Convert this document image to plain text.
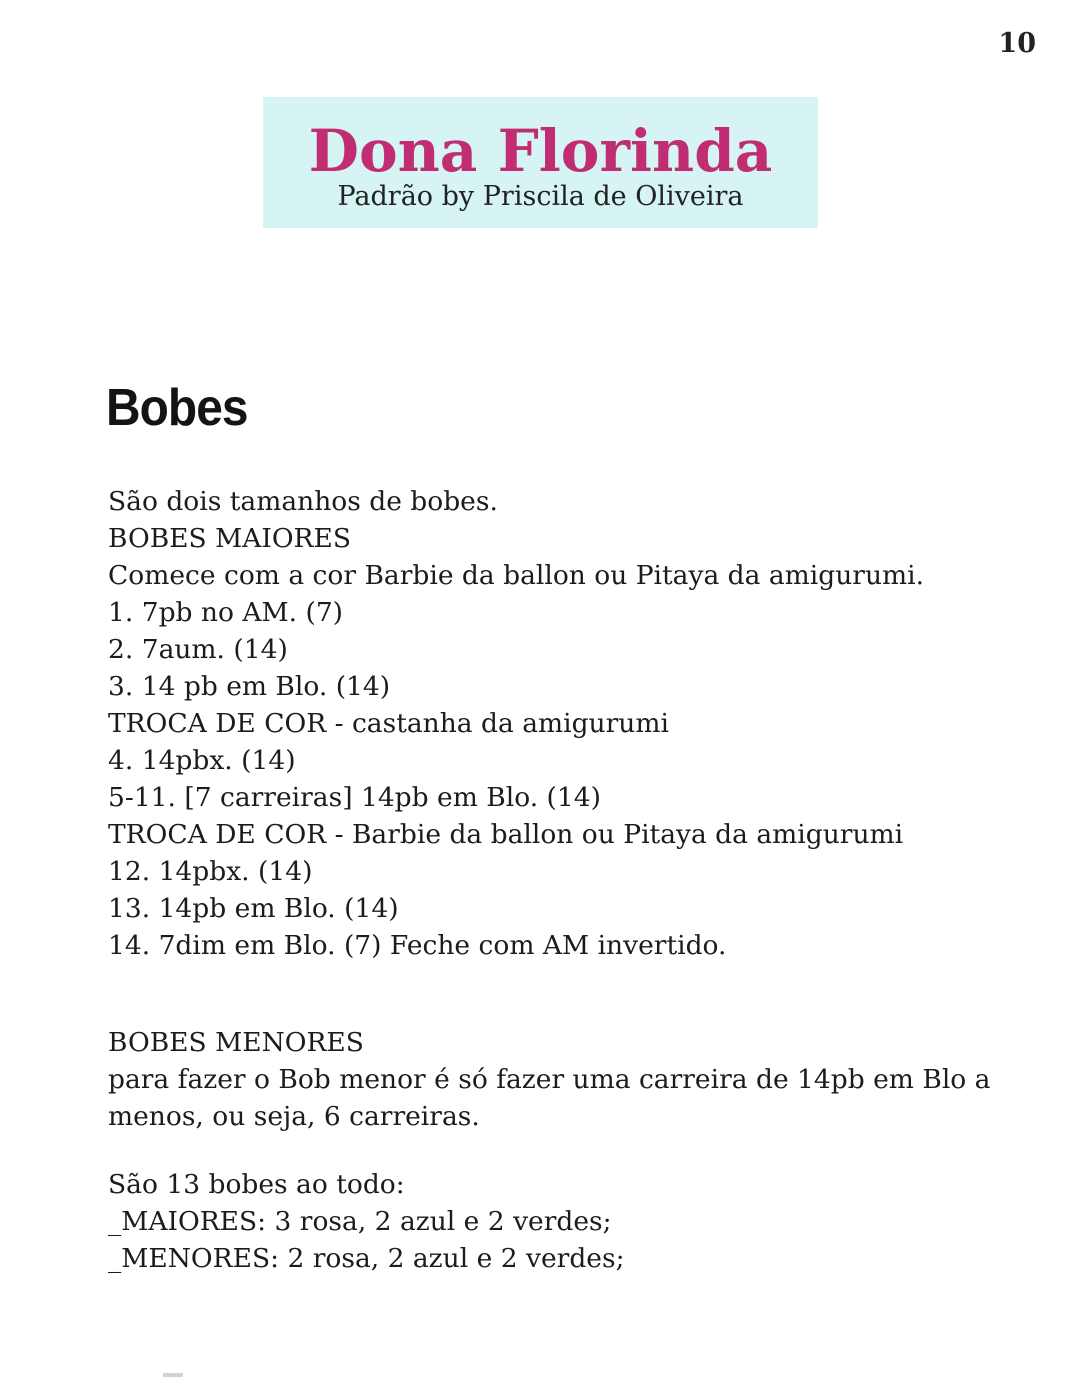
10
Dona Florinda
Padrão by Priscila de Oliveira
Bobes
São dois tamanhos de bobes.
BOBES MAIORES
Comece com a cor Barbie da ballon ou Pitaya da amigurumi.
1. 7pb no AM. (7)
2. 7aum. (14)
3. 14 pb em Blo. (14)
TROCA DE COR - castanha da amigurumi
4. 14pbx. (14)
5-11. [7 carreiras] 14pb em Blo. (14)
TROCA DE COR - Barbie da ballon ou Pitaya da amigurumi
12. 14pbx. (14)
13. 14pb em Blo. (14)
14. 7dim em Blo. (7) Feche com AM invertido.
BOBES MENORES
para fazer o Bob menor é só fazer uma carreira de 14pb em Blo a
menos, ou seja, 6 carreiras.
São 13 bobes ao todo:
_MAIORES: 3 rosa, 2 azul e 2 verdes;
_MENORES: 2 rosa, 2 azul e 2 verdes;
